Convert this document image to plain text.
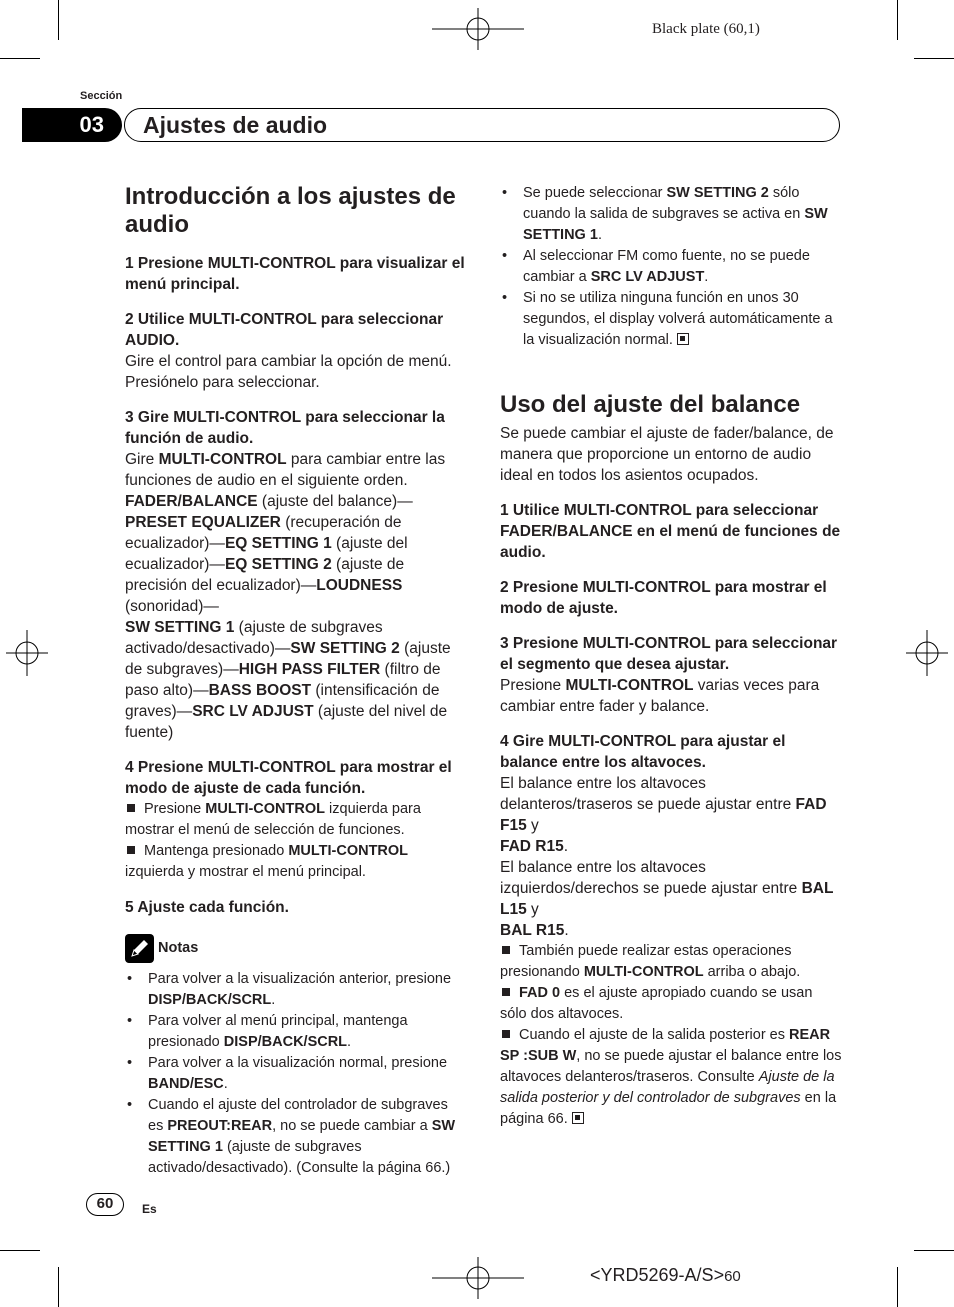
Black plate (60,1)
Sección
03	Ajustes de audio

Introducción a los ajustes de audio

1 Presione MULTI-CONTROL para visualizar el menú principal.

2 Utilice MULTI-CONTROL para seleccionar AUDIO.

Gire el control para cambiar la opción de menú. Presiónelo para seleccionar.

3 Gire MULTI-CONTROL para seleccionar la función de audio.

Gire MULTI-CONTROL para cambiar entre las funciones de audio en el siguiente orden.
FADER/BALANCE (ajuste del balance)—
PRESET EQUALIZER (recuperación de ecualizador)—EQ SETTING 1 (ajuste del ecualizador)—EQ SETTING 2 (ajuste de precisión del ecualizador)—LOUDNESS (sonoridad)—
SW SETTING 1 (ajuste de subgraves activado/desactivado)—SW SETTING 2 (ajuste de subgraves)—HIGH PASS FILTER (filtro de paso alto)—BASS BOOST (intensificación de graves)—SRC LV ADJUST (ajuste del nivel de fuente)

4 Presione MULTI-CONTROL para mostrar el modo de ajuste de cada función.

Presione MULTI-CONTROL izquierda para mostrar el menú de selección de funciones.

Mantenga presionado MULTI-CONTROL izquierda y mostrar el menú principal.

5 Ajuste cada función.

Notas

• Para volver a la visualización anterior, presione DISP/BACK/SCRL.
• Para volver al menú principal, mantenga presionado DISP/BACK/SCRL.
• Para volver a la visualización normal, presione BAND/ESC.
• Cuando el ajuste del controlador de subgraves es PREOUT:REAR, no se puede cambiar a SW SETTING 1 (ajuste de subgraves activado/desactivado). (Consulte la página 66.)
• Se puede seleccionar SW SETTING 2 sólo cuando la salida de subgraves se activa en SW SETTING 1.
• Al seleccionar FM como fuente, no se puede cambiar a SRC LV ADJUST.
• Si no se utiliza ninguna función en unos 30 segundos, el display volverá automáticamente a la visualización normal.

Uso del ajuste del balance

Se puede cambiar el ajuste de fader/balance, de manera que proporcione un entorno de audio ideal en todos los asientos ocupados.

1 Utilice MULTI-CONTROL para seleccionar FADER/BALANCE en el menú de funciones de audio.

2 Presione MULTI-CONTROL para mostrar el modo de ajuste.

3 Presione MULTI-CONTROL para seleccionar el segmento que desea ajustar.

Presione MULTI-CONTROL varias veces para cambiar entre fader y balance.

4 Gire MULTI-CONTROL para ajustar el balance entre los altavoces.

El balance entre los altavoces delanteros/traseros se puede ajustar entre FAD F15 y
FAD R15.

El balance entre los altavoces izquierdos/derechos se puede ajustar entre BAL L15 y
BAL R15.

También puede realizar estas operaciones presionando MULTI-CONTROL arriba o abajo.

FAD 0 es el ajuste apropiado cuando se usan sólo dos altavoces.

Cuando el ajuste de la salida posterior es REAR SP :SUB W, no se puede ajustar el balance entre los altavoces delanteros/traseros. Consulte Ajuste de la salida posterior y del controlador de subgraves en la página 66.

60	Es
<YRD5269-A/S>60
